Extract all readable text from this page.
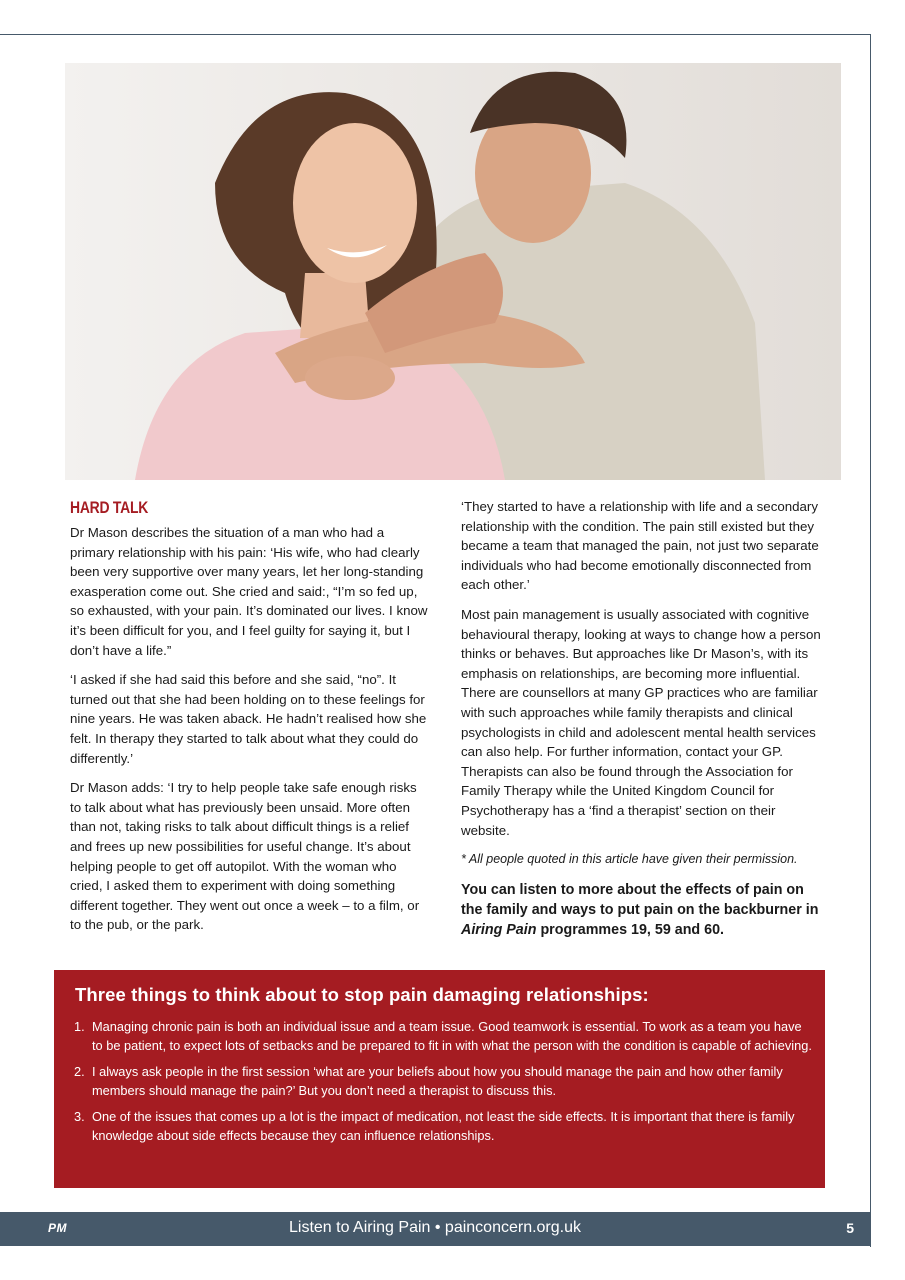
HARD TALK

Dr Mason describes the situation of a man who had a primary relationship with his pain: ‘His wife, who had clearly been very supportive over many years, let her long-standing exasperation come out. She cried and said:, “I’m so fed up, so exhausted, with your pain. It’s dominated our lives. I know it’s been difficult for you, and I feel guilty for saying it, but I don’t have a life.”

‘I asked if she had said this before and she said, “no”. It turned out that she had been holding on to these feelings for nine years. He was taken aback. He hadn’t realised how she felt. In therapy they started to talk about what they could do differently.’

Dr Mason adds: ‘I try to help people take safe enough risks to talk about what has previously been unsaid. More often than not, taking risks to talk about difficult things is a relief and frees up new possibilities for useful change. It’s about helping people to get off autopilot. With the woman who cried, I asked them to experiment with doing something different together. They went out once a week – to a film, or to the pub, or the park.

‘They started to have a relationship with life and a secondary relationship with the condition. The pain still existed but they became a team that managed the pain, not just two separate individuals who had become emotionally disconnected from each other.’

Most pain management is usually associated with cognitive behavioural therapy, looking at ways to change how a person thinks or behaves. But approaches like Dr Mason’s, with its emphasis on relationships, are becoming more influential. There are counsellors at many GP practices who are familiar with such approaches while family therapists and clinical psychologists in child and adolescent mental health services can also help. For further information, contact your GP. Therapists can also be found through the Association for Family Therapy while the United Kingdom Council for Psychotherapy has a ‘find a therapist’ section on their website.

* All people quoted in this article have given their permission.

You can listen to more about the effects of pain on the family and ways to put pain on the backburner in Airing Pain programmes 19, 59 and 60.

Three things to think about to stop pain damaging relationships:
1. Managing chronic pain is both an individual issue and a team issue. Good teamwork is essential. To work as a team you have to be patient, to expect lots of setbacks and be prepared to fit in with what the person with the condition is capable of achieving.
2. I always ask people in the first session ‘what are your beliefs about how you should manage the pain and how other family members should manage the pain?’ But you don’t need a therapist to discuss this.
3. One of the issues that comes up a lot is the impact of medication, not least the side effects. It is important that there is family knowledge about side effects because they can influence relationships.
PM	Listen to Airing Pain • painconcern.org.uk	5
